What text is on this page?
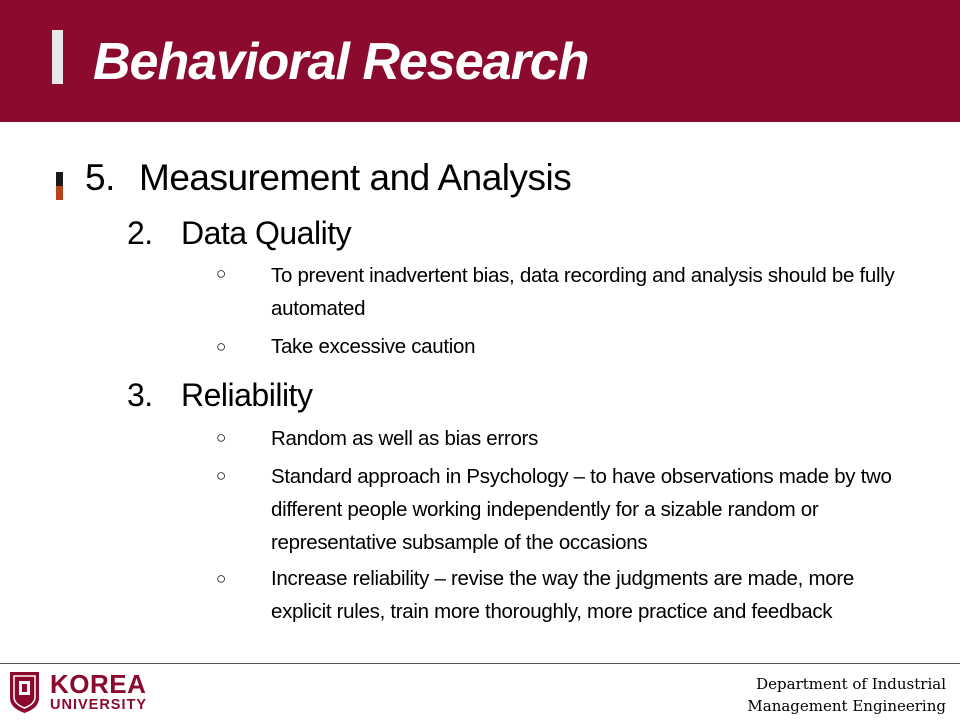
Behavioral Research
5. Measurement and Analysis
2. Data Quality
○ To prevent inadvertent bias, data recording and analysis should be fully automated
○ Take excessive caution
3. Reliability
○ Random as well as bias errors
○ Standard approach in Psychology – to have observations made by two different people working independently for a sizable random or representative subsample of the occasions
○ Increase reliability – revise the way the judgments are made, more explicit rules, train more thoroughly, more practice and feedback
KOREA
UNIVERSITY
Department of Industrial
Management Engineering
